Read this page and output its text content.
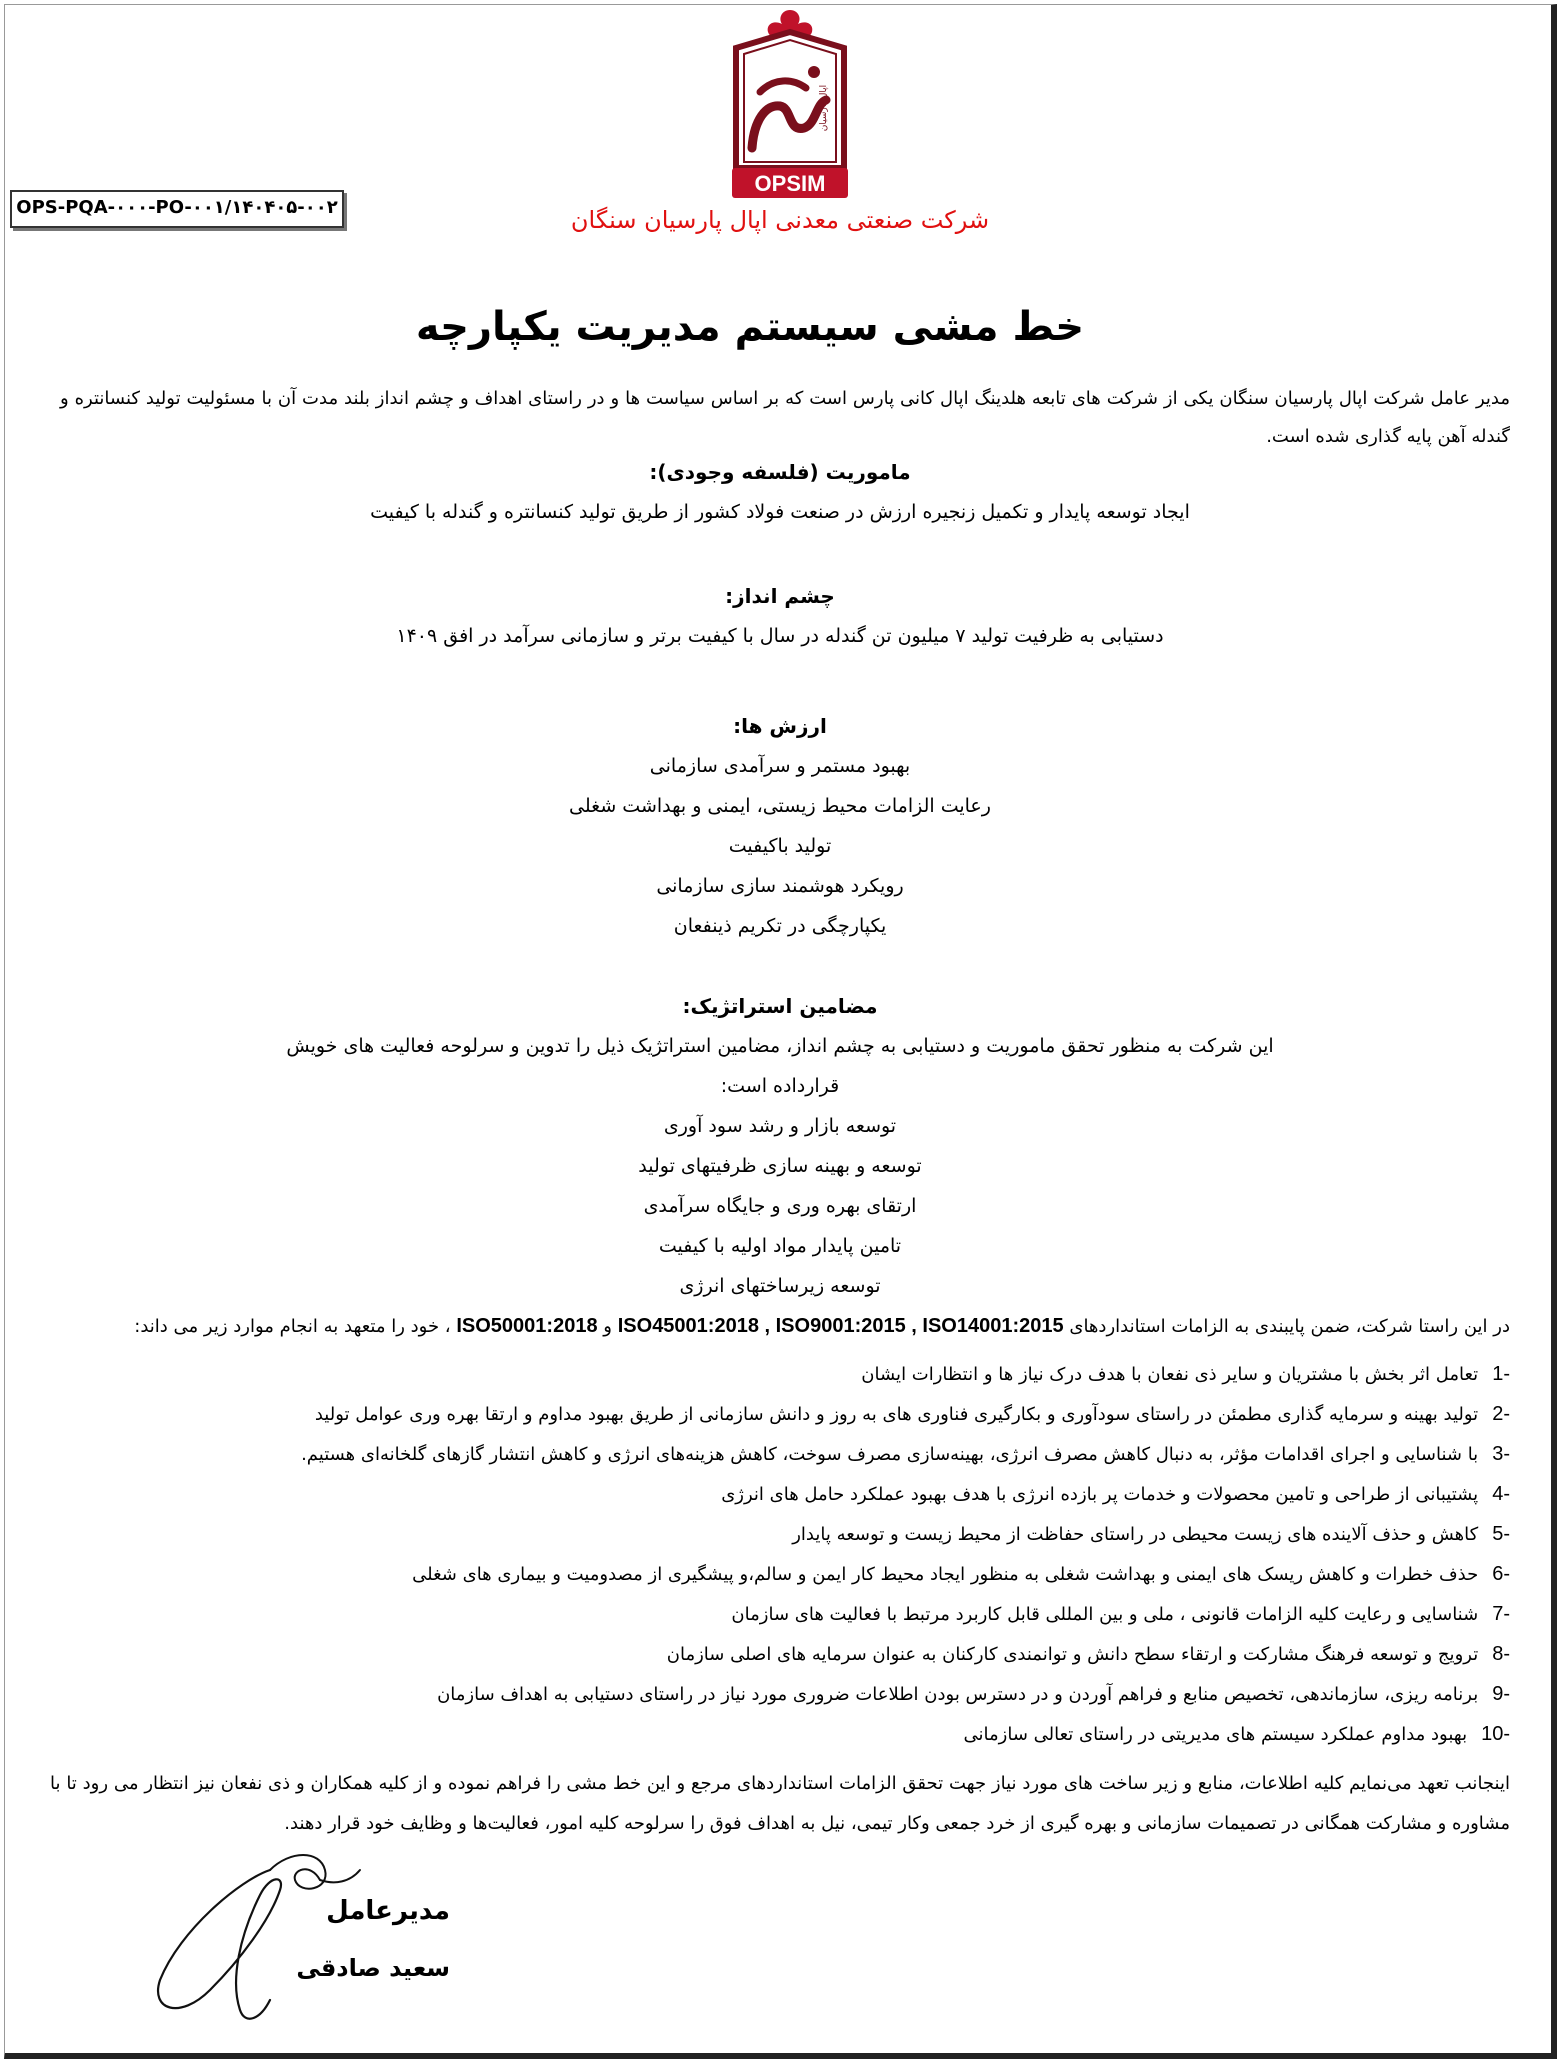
OPSIM
اپال پارسیان
OPS-PQA-۰۰۰-PO-۰۰۱/۱۴۰۴۰۵-۰۰۲	شرکت صنعتی معدنی اپال پارسیان سنگان
خط مشی سیستم مدیریت یکپارچه
مدیر عامل شرکت اپال پارسیان سنگان یکی از شرکت های تابعه هلدینگ اپال کانی پارس است که بر اساس سیاست ها و در راستای اهداف و چشم انداز بلند مدت آن با مسئولیت تولید کنسانتره و گندله آهن پایه گذاری شده است.
ماموریت (فلسفه وجودی):
ایجاد توسعه پایدار و تکمیل زنجیره ارزش در صنعت فولاد کشور از طریق تولید کنسانتره و گندله با کیفیت
چشم انداز:
دستیابی به ظرفیت تولید ۷ میلیون تن گندله در سال با کیفیت برتر و سازمانی سرآمد در افق ۱۴۰۹
ارزش ها:
بهبود مستمر و سرآمدی سازمانی
رعایت الزامات محیط زیستی، ایمنی و بهداشت شغلی
تولید باکیفیت
رویکرد هوشمند سازی سازمانی
یکپارچگی در تکریم ذینفعان
مضامین استراتژیک:
این شرکت به منظور تحقق ماموریت و دستیابی به چشم انداز، مضامین استراتژیک ذیل را تدوین و سرلوحه فعالیت های خویش قرارداده است:
توسعه بازار و رشد سود آوری
توسعه و بهینه سازی ظرفیتهای تولید
ارتقای بهره وری و جایگاه سرآمدی
تامین پایدار مواد اولیه با کیفیت
توسعه زیرساختهای انرژی
در این راستا شرکت، ضمن پایبندی به الزامات استانداردهای ISO45001:2018 , ISO9001:2015 , ISO14001:2015 و ISO50001:2018 ، خود را متعهد به انجام موارد زیر می داند:
-1تعامل اثر بخش با مشتریان و سایر ذی نفعان با هدف درک نیاز ها و انتظارات ایشان
-2تولید بهینه و سرمایه گذاری مطمئن در راستای سودآوری و بکارگیری فناوری های به روز و دانش سازمانی از طریق بهبود مداوم و ارتقا بهره وری عوامل تولید
-3با شناسایی و اجرای اقدامات مؤثر، به دنبال کاهش مصرف انرژی، بهینه‌سازی مصرف سوخت، کاهش هزینه‌های انرژی و کاهش انتشار گازهای گلخانه‌ای هستیم.
-4پشتیبانی از طراحی و تامین محصولات و خدمات پر بازده انرژی با هدف بهبود عملکرد حامل های انرژی
-5کاهش و حذف آلاینده های زیست محیطی در راستای حفاظت از محیط زیست و توسعه پایدار
-6حذف خطرات و کاهش ریسک های ایمنی و بهداشت شغلی به منظور ایجاد محیط کار ایمن و سالم،و پیشگیری از مصدومیت و بیماری های شغلی
-7شناسایی و رعایت کلیه الزامات قانونی ، ملی و بین المللی قابل کاربرد مرتبط با فعالیت های سازمان
-8ترویج و توسعه فرهنگ مشارکت و ارتقاء سطح دانش و توانمندی کارکنان به عنوان سرمایه های اصلی سازمان
-9برنامه ریزی، سازماندهی، تخصیص منابع و فراهم آوردن و در دسترس بودن اطلاعات ضروری مورد نیاز در راستای دستیابی به اهداف سازمان
-10بهبود مداوم عملکرد سیستم های مدیریتی در راستای تعالی سازمانی
اینجانب تعهد می‌نمایم کلیه اطلاعات، منابع و زیر ساخت های مورد نیاز جهت تحقق الزامات استانداردهای مرجع و این خط مشی را فراهم نموده و از کلیه همکاران و ذی نفعان نیز انتظار می رود تا با مشاوره و مشارکت همگانی در تصمیمات سازمانی و بهره گیری از خرد جمعی وکار تیمی، نیل به اهداف فوق را سرلوحه کلیه امور، فعالیت‌ها و وظایف خود قرار دهند.
مدیرعامل
سعید صادقی
